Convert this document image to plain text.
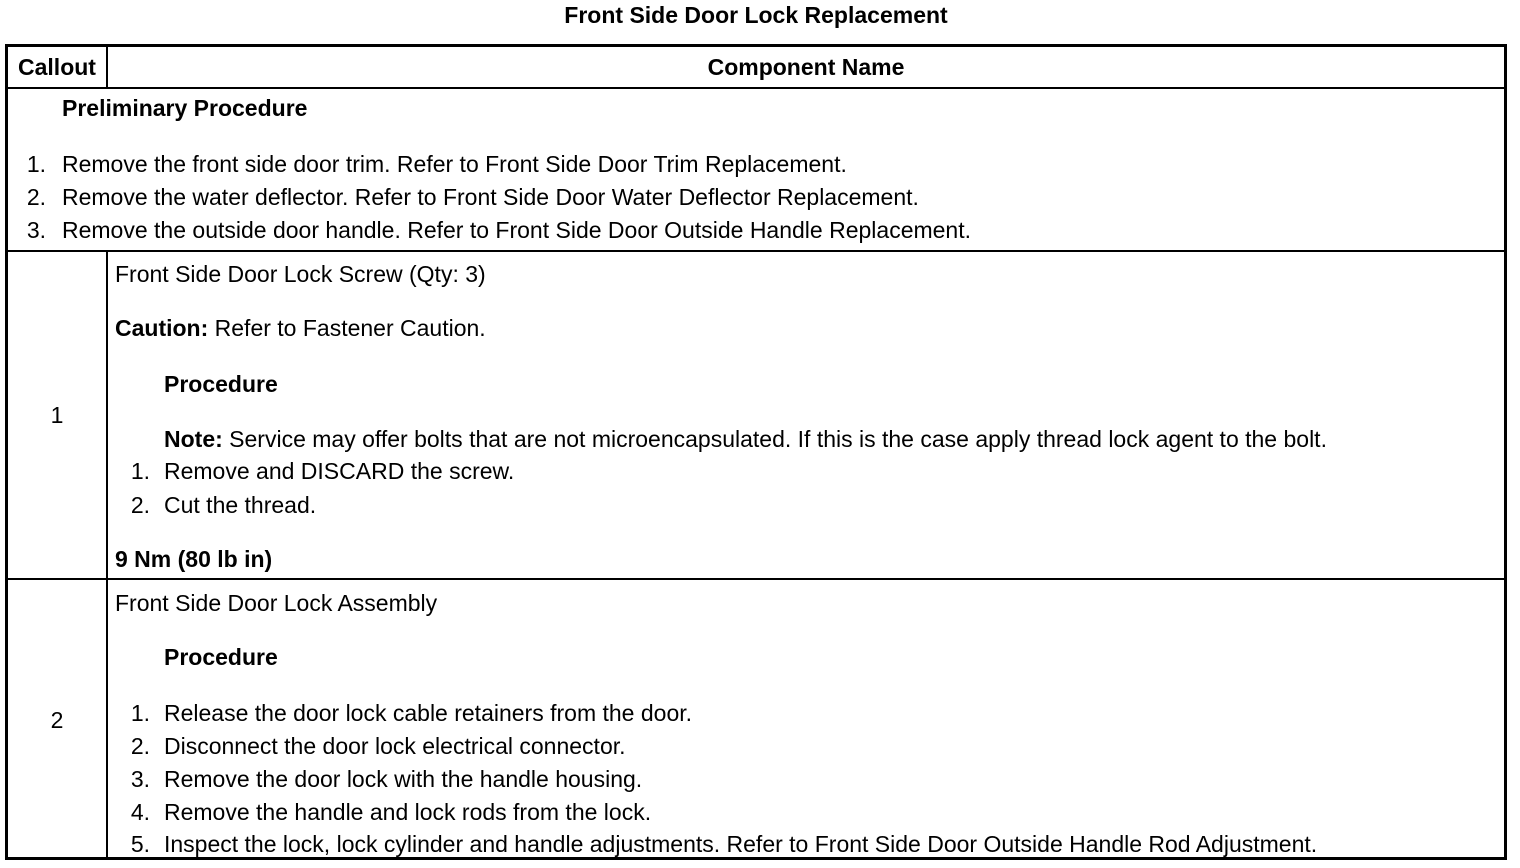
Front Side Door Lock Replacement
Callout	Component Name
Preliminary Procedure
1. Remove the front side door trim. Refer to Front Side Door Trim Replacement.
2. Remove the water deflector. Refer to Front Side Door Water Deflector Replacement.
3. Remove the outside door handle. Refer to Front Side Door Outside Handle Replacement.
1
Front Side Door Lock Screw (Qty: 3)
Caution: Refer to Fastener Caution.
Procedure
Note: Service may offer bolts that are not microencapsulated. If this is the case apply thread lock agent to the bolt.
1. Remove and DISCARD the screw.
2. Cut the thread.
9 Nm (80 lb in)
2
Front Side Door Lock Assembly
Procedure
1. Release the door lock cable retainers from the door.
2. Disconnect the door lock electrical connector.
3. Remove the door lock with the handle housing.
4. Remove the handle and lock rods from the lock.
5. Inspect the lock, lock cylinder and handle adjustments. Refer to Front Side Door Outside Handle Rod Adjustment.
